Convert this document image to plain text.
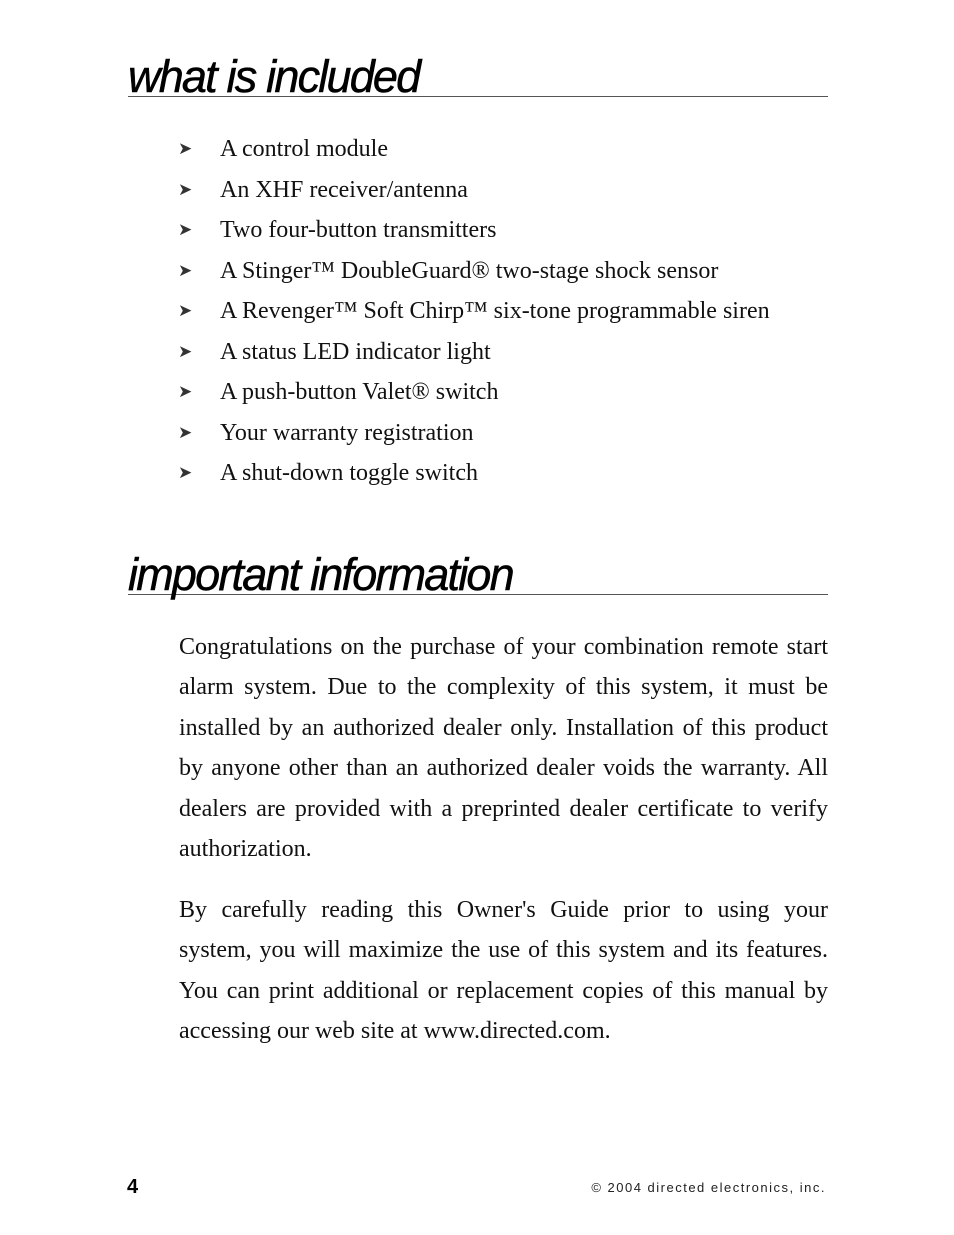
what is included
➤ A control module
➤ An XHF receiver/antenna
➤ Two four-button transmitters
➤ A Stinger™ DoubleGuard® two-stage shock sensor
➤ A Revenger™ Soft Chirp™ six-tone programmable siren
➤ A status LED indicator light
➤ A push-button Valet® switch
➤ Your warranty registration
➤ A shut-down toggle switch
important information

Congratulations on the purchase of your combination remote start alarm system. Due to the complexity of this system, it must be installed by an authorized dealer only. Installation of this product by anyone other than an authorized dealer voids the warranty. All dealers are provided with a preprinted dealer certificate to verify authorization.

By carefully reading this Owner's Guide prior to using your system, you will maximize the use of this system and its features. You can print additional or replacement copies of this manual by accessing our web site at www.directed.com.

4	© 2004 directed electronics, inc.
